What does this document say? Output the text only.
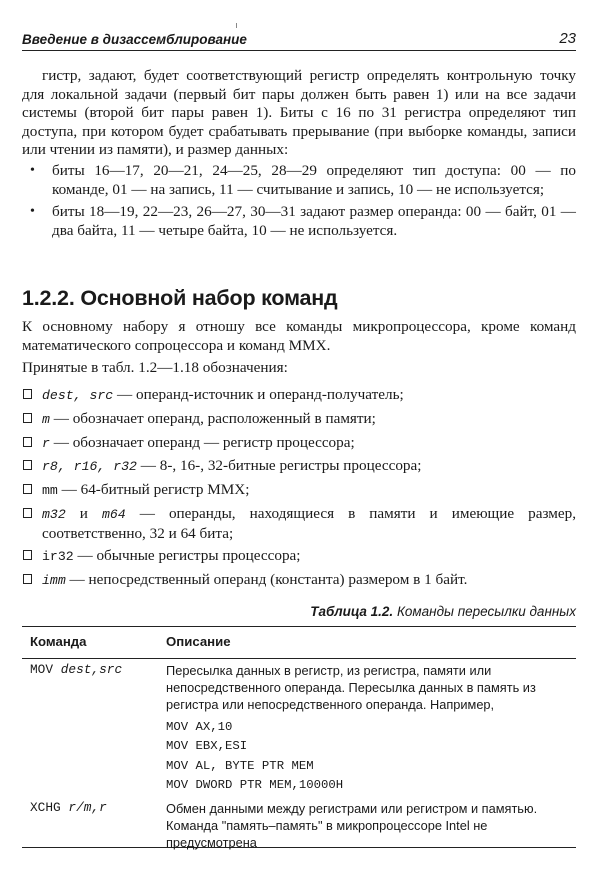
Введение в дизассемблирование	23
гистр, задают, будет соответствующий регистр определять контрольную точку для локальной задачи (первый бит пары должен быть равен 1) или на все задачи системы (второй бит пары равен 1). Биты с 16 по 31 регистра определяют тип доступа, при котором будет срабатывать прерывание (при выборке команды, записи или чтении из памяти), и размер данных:
• биты 16—17, 20—21, 24—25, 28—29 определяют тип доступа: 00 — по команде, 01 — на запись, 11 — считывание и запись, 10 — не используется;
• биты 18—19, 22—23, 26—27, 30—31 задают размер операнда: 00 — байт, 01 — два байта, 11 — четыре байта, 10 — не используется.
1.2.2. Основной набор команд
К основному набору я отношу все команды микропроцессора, кроме команд математического сопроцессора и команд MMX.
Принятые в табл. 1.2—1.18 обозначения:
dest, src — операнд-источник и операнд-получатель;
m — обозначает операнд, расположенный в памяти;
r — обозначает операнд — регистр процессора;
r8, r16, r32 — 8-, 16-, 32-битные регистры процессора;
mm — 64-битный регистр MMX;
m32 и m64 — операнды, находящиеся в памяти и имеющие размер, соответственно, 32 и 64 бита;
ir32 — обычные регистры процессора;
imm — непосредственный операнд (константа) размером в 1 байт.
Таблица 1.2. Команды пересылки данных
Команда	Описание
MOV dest,src	Пересылка данных в регистр, из регистра, памяти или непосредственного операнда. Пересылка данных в память из регистра или непосредственного операнда. Например,
MOV AX,10
MOV EBX,ESI
MOV AL, BYTE PTR MEM
MOV DWORD PTR MEM,10000H
XCHG r/m,r	Обмен данными между регистрами или регистром и памятью. Команда "память–память" в микропроцессоре Intel не предусмотрена
